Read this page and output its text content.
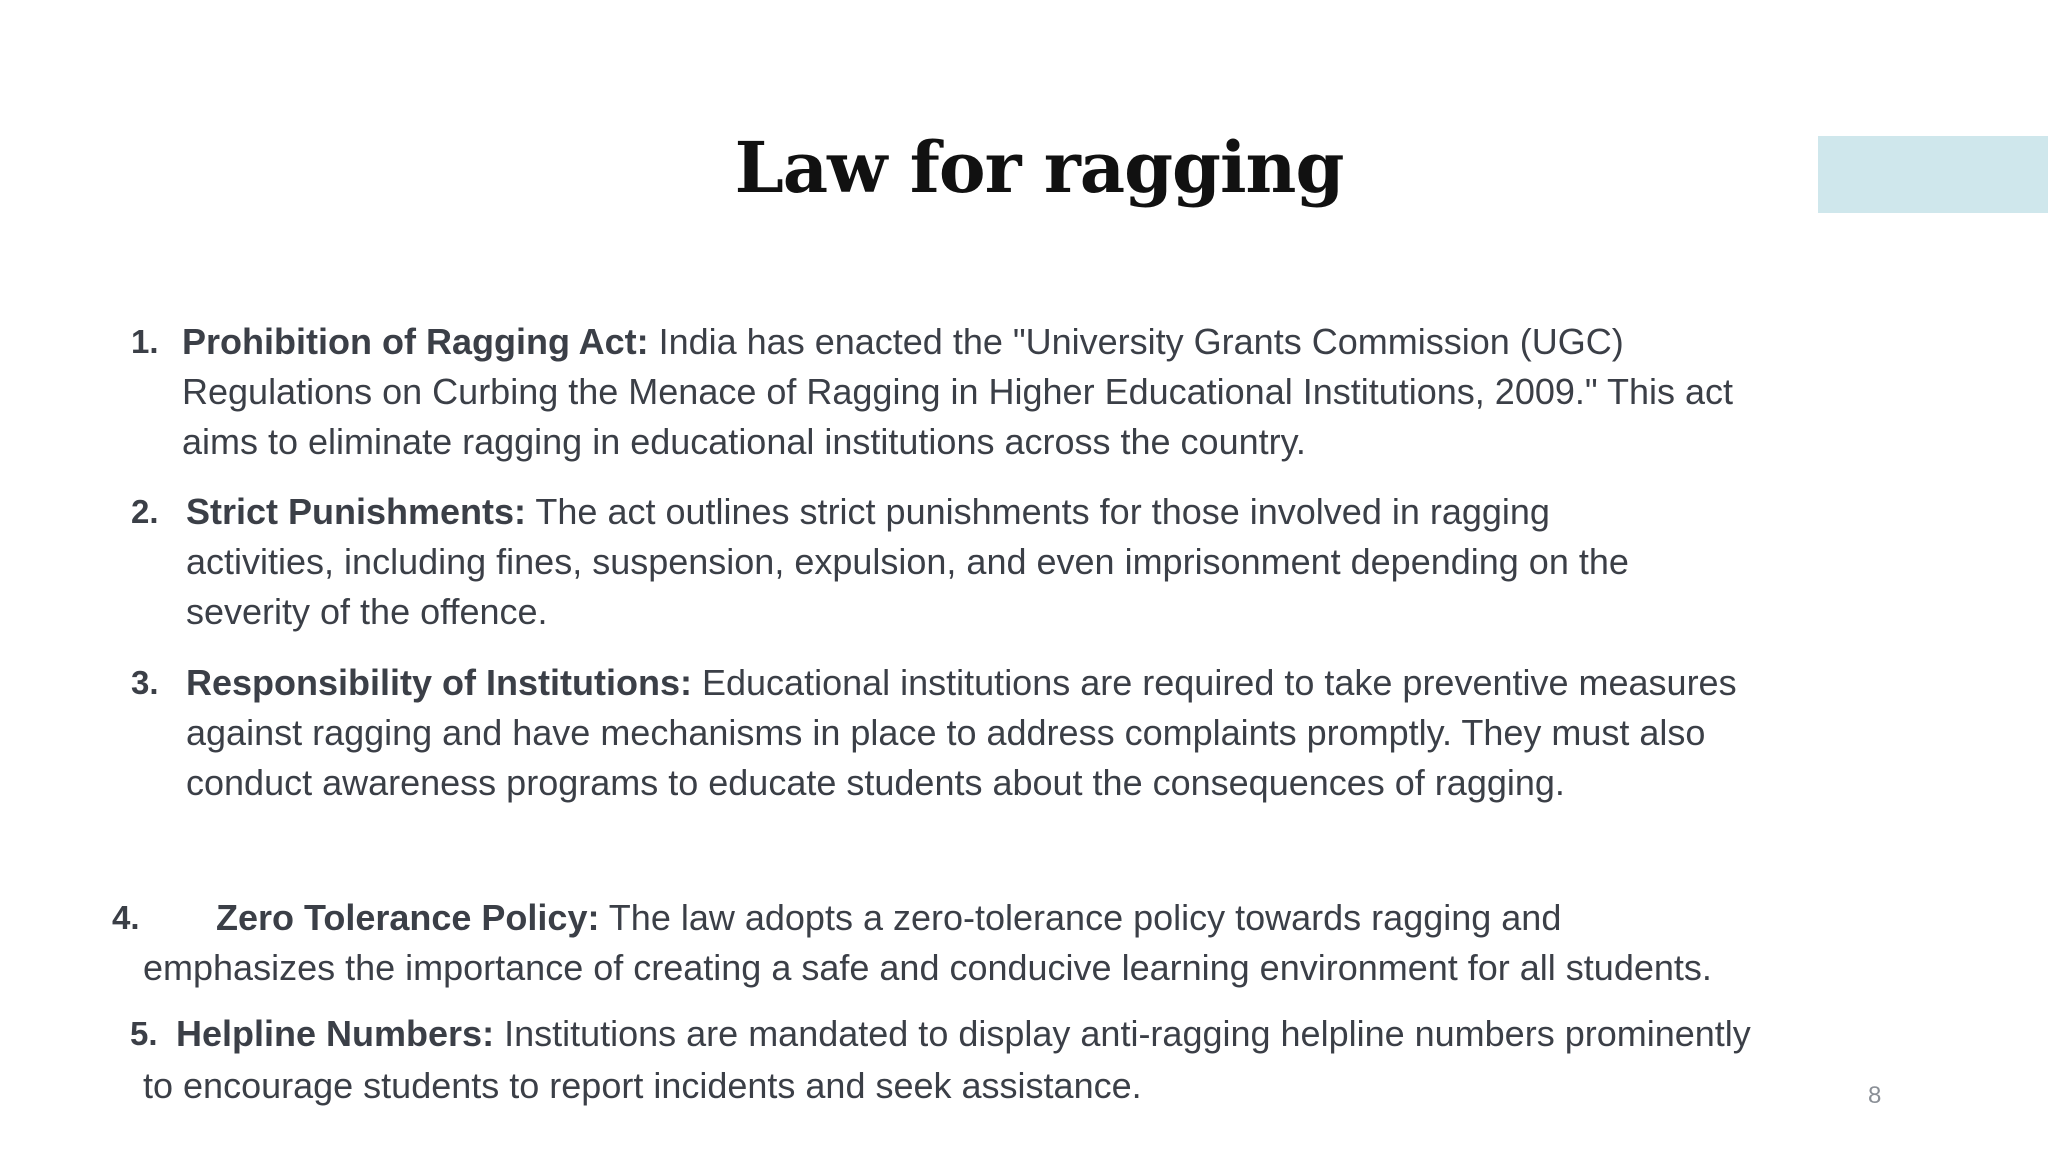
Law for ragging
1. Prohibition of Ragging Act: India has enacted the "University Grants Commission (UGC)
Regulations on Curbing the Menace of Ragging in Higher Educational Institutions, 2009." This act
aims to eliminate ragging in educational institutions across the country.
2. Strict Punishments: The act outlines strict punishments for those involved in ragging
activities, including fines, suspension, expulsion, and even imprisonment depending on the
severity of the offence.
3. Responsibility of Institutions: Educational institutions are required to take preventive measures
against ragging and have mechanisms in place to address complaints promptly. They must also
conduct awareness programs to educate students about the consequences of ragging.
4. Zero Tolerance Policy: The law adopts a zero-tolerance policy towards ragging and
emphasizes the importance of creating a safe and conducive learning environment for all students.
5. Helpline Numbers: Institutions are mandated to display anti-ragging helpline numbers prominently
to encourage students to report incidents and seek assistance.	8
